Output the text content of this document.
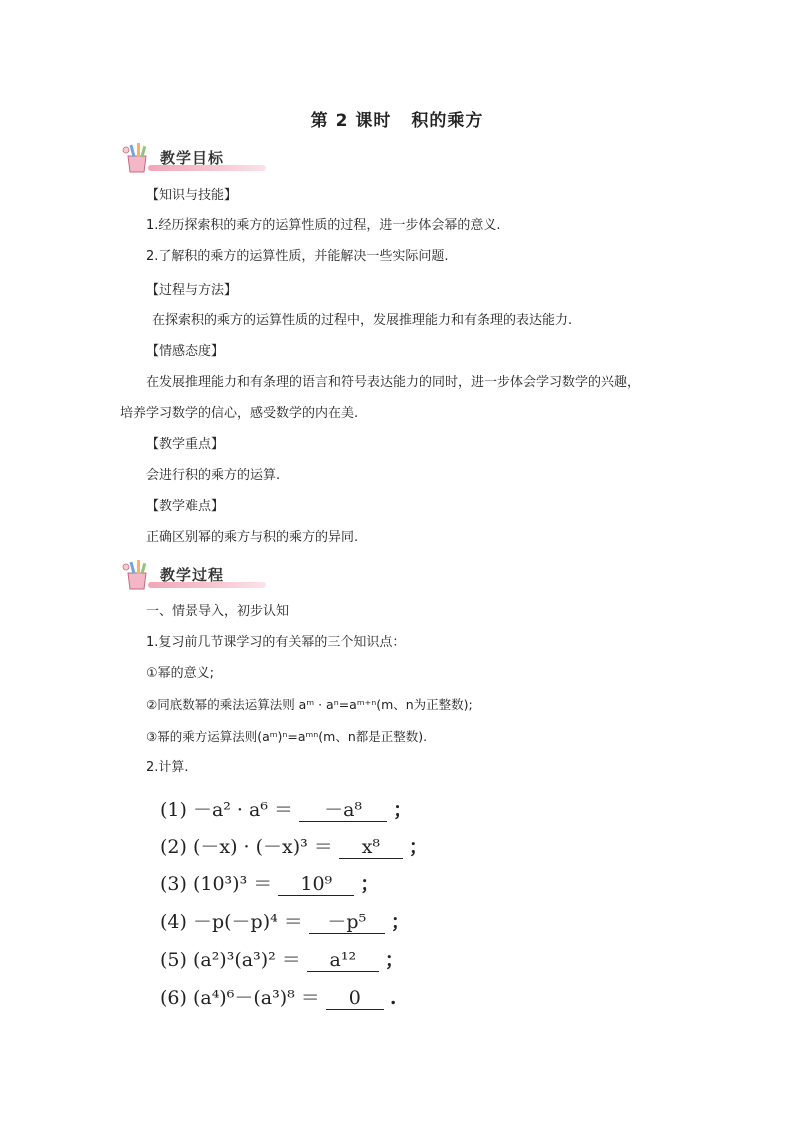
第 2 课时 积的乘方
教学目标
【知识与技能】
1.经历探索积的乘方的运算性质的过程，进一步体会幂的意义.
2.了解积的乘方的运算性质，并能解决一些实际问题.
【过程与方法】
在探索积的乘方的运算性质的过程中，发展推理能力和有条理的表达能力.
【情感态度】
在发展推理能力和有条理的语言和符号表达能力的同时，进一步体会学习数学的兴趣，
培养学习数学的信心，感受数学的内在美.
【教学重点】
会进行积的乘方的运算.
【教学难点】
正确区别幂的乘方与积的乘方的异同.
教学过程
一、情景导入，初步认知
1.复习前几节课学习的有关幂的三个知识点：
①幂的意义;
②同底数幂的乘法运算法则 aᵐ · aⁿ=aᵐ⁺ⁿ(m、n为正整数);
③幂的乘方运算法则(aᵐ)ⁿ=aᵐⁿ(m、n都是正整数).
2.计算.
(1) －a² · a⁶ ＝ －a⁸ ；
(2) (－x) · (－x)³ ＝ x⁸ ；
(3) (10³)³ ＝ 10⁹ ；
(4) －p(－p)⁴ ＝ －p⁵ ；
(5) (a²)³(a³)² ＝ a¹² ；
(6) (a⁴)⁶－(a³)⁸ ＝ 0 .
